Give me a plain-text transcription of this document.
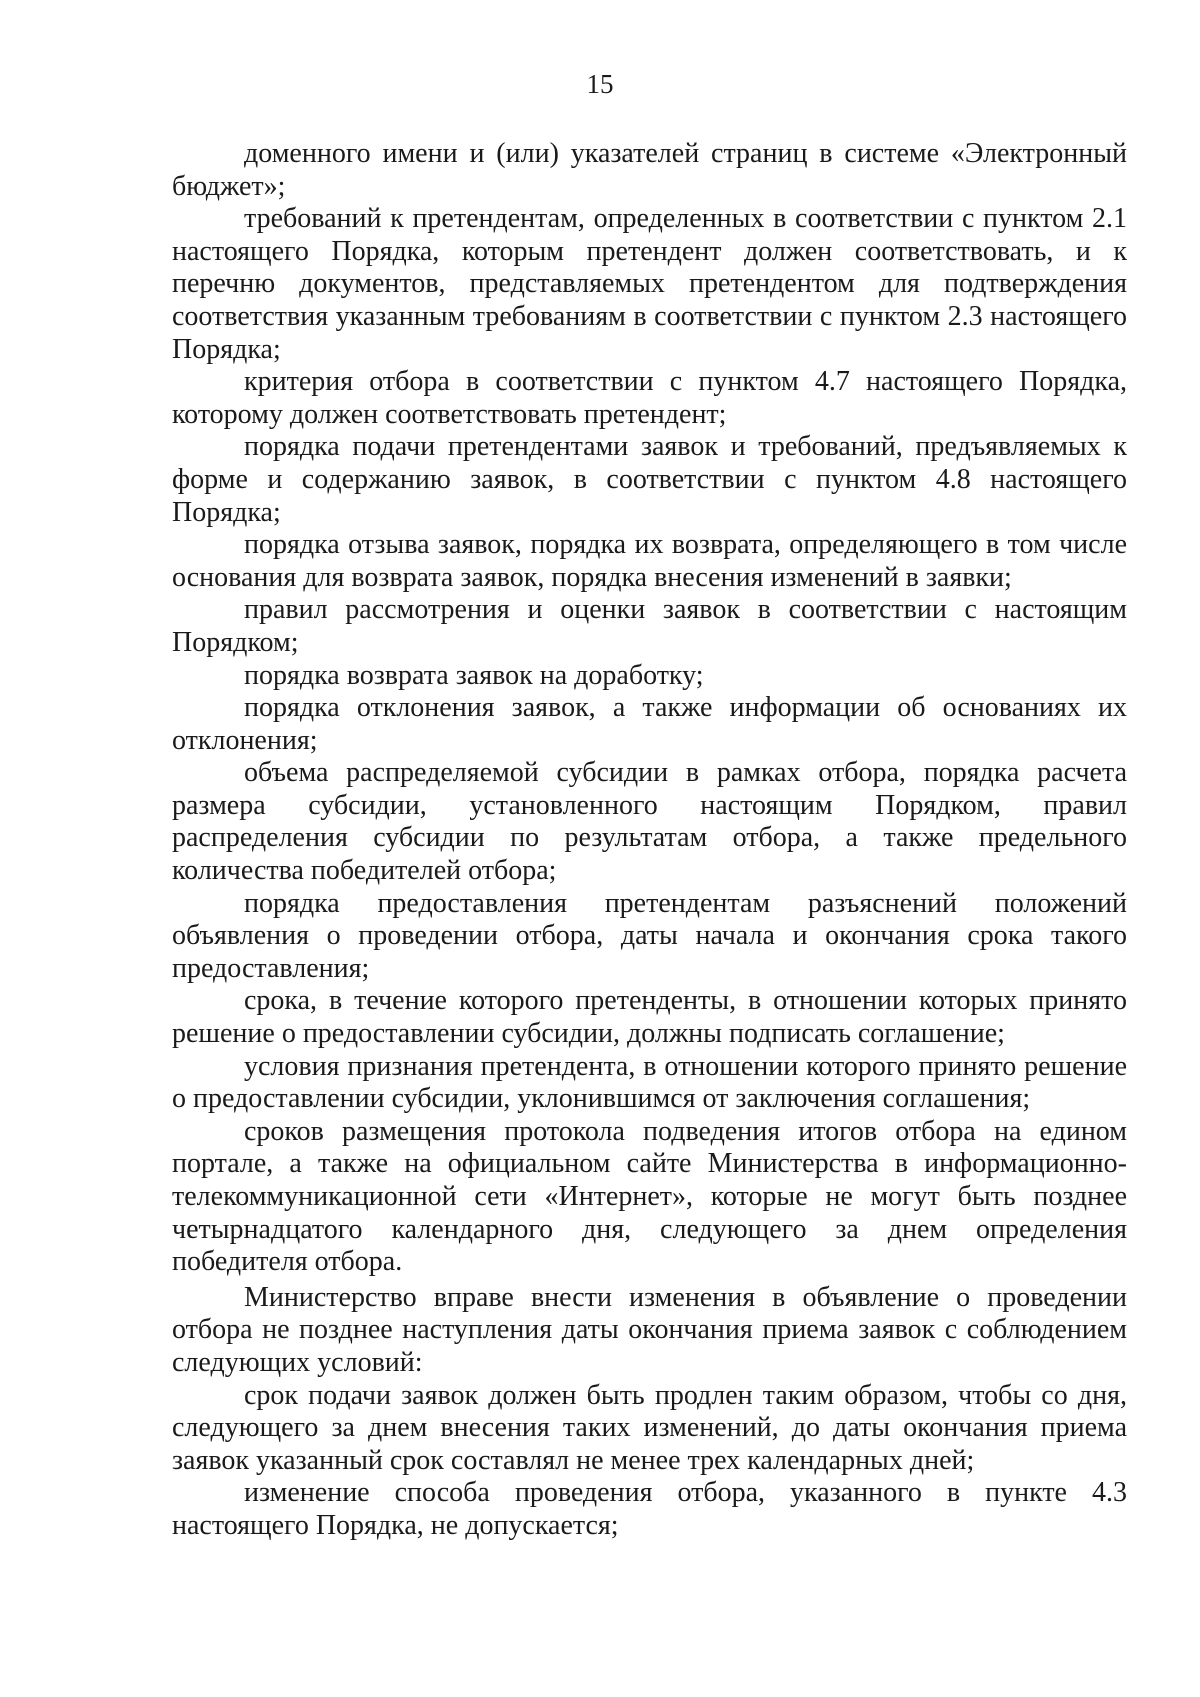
15

доменного имени и (или) указателей страниц в системе «Электронный бюджет»;

требований к претендентам, определенных в соответствии с пунктом 2.1 настоящего Порядка, которым претендент должен соответствовать, и к перечню документов, представляемых претендентом для подтверждения соответствия указанным требованиям в соответствии с пунктом 2.3 настоящего Порядка;

критерия отбора в соответствии с пунктом 4.7 настоящего Порядка, которому должен соответствовать претендент;

порядка подачи претендентами заявок и требований, предъявляемых к форме и содержанию заявок, в соответствии с пунктом 4.8 настоящего Порядка;

порядка отзыва заявок, порядка их возврата, определяющего в том числе основания для возврата заявок, порядка внесения изменений в заявки;

правил рассмотрения и оценки заявок в соответствии с настоящим Порядком;

порядка возврата заявок на доработку;

порядка отклонения заявок, а также информации об основаниях их отклонения;

объема распределяемой субсидии в рамках отбора, порядка расчета размера субсидии, установленного настоящим Порядком, правил распределения субсидии по результатам отбора, а также предельного количества победителей отбора;

порядка предоставления претендентам разъяснений положений объявления о проведении отбора, даты начала и окончания срока такого предоставления;

срока, в течение которого претенденты, в отношении которых принято решение о предоставлении субсидии, должны подписать соглашение;

условия признания претендента, в отношении которого принято решение о предоставлении субсидии, уклонившимся от заключения соглашения;

сроков размещения протокола подведения итогов отбора на едином портале, а также на официальном сайте Министерства в информационно-телекоммуникационной сети «Интернет», которые не могут быть позднее четырнадцатого календарного дня, следующего за днем определения победителя отбора.

Министерство вправе внести изменения в объявление о проведении отбора не позднее наступления даты окончания приема заявок с соблюдением следующих условий:

срок подачи заявок должен быть продлен таким образом, чтобы со дня, следующего за днем внесения таких изменений, до даты окончания приема заявок указанный срок составлял не менее трех календарных дней;

изменение способа проведения отбора, указанного в пункте 4.3 настоящего Порядка, не допускается;
